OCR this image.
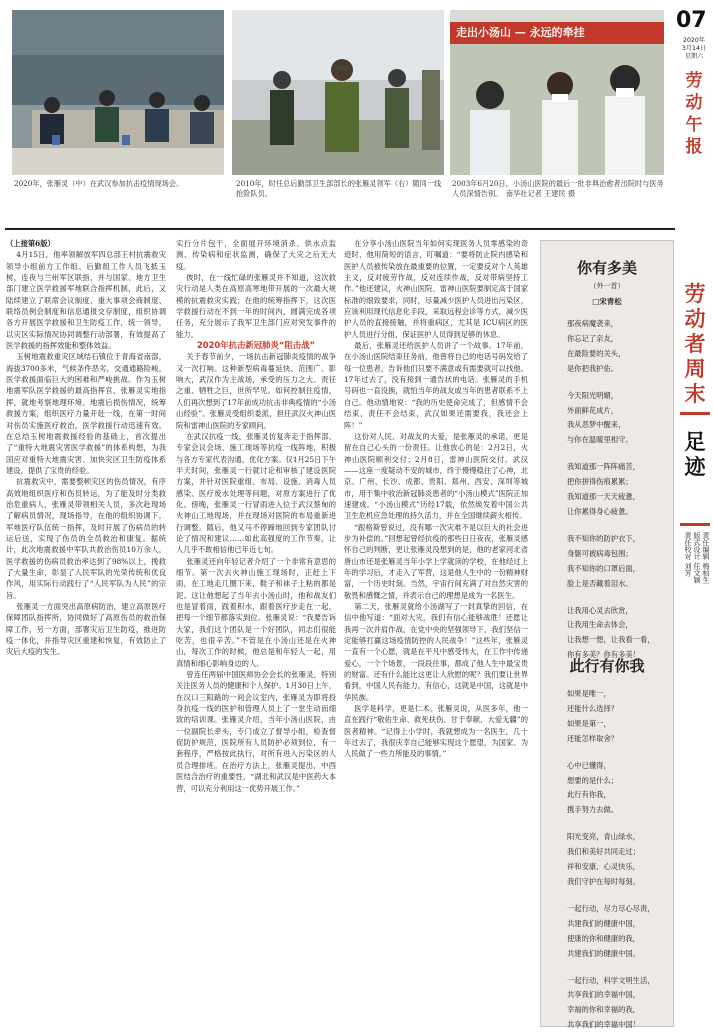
2020年，张雁灵（中）在武汉参加抗击疫情现场会。	2010年，时任总后勤部卫生部部长的张雁灵领军（右）随同一线抢险队员。
走出小汤山 — 永远的牵挂
2003年6月20日，小汤山医院的最后一批非典治愈者出院时与医务人员深情告别。　南华社记者 王建民 摄
07
2020年
3月14日
星期六
劳
动
午
报
劳
动
者
周
末
足
迹
责任编辑 梅柏生
版式设计 任文颖
责任校对 刘芳

（上接第6版）

4月15日，他率领解放军四总部王村抗震救灾领导小组前方工作组、后勤组工作人员飞抵玉树，连夜与兰州军区联指，并与国家、地方卫生部门建立医学救援军地联合指挥机制，此后，又陆续建立了联席会议制度、重大事项会商制度、联络员例会制度和信息通报交存制度，组织协调各方开展医学救援和卫生防疫工作，统一领导，以灾区实际情况协同调整行动部署，有效提高了医学救援的指挥效能和整体效益。

玉树地震救重灾区域结石镇位于青海省南部，海拔3700多米，气候条件恶劣，交通通路险峻，医学救援面临巨大的困难和严峻挑战。作为玉树地震军队医学救援的最高指挥官，张雁灵实地指挥，就地考察地理环境、地震后损伤情况，统筹救援方案，组织医疗力量开赴一线，在第一时间对伤员实施医疗救治，医学救援行动迅速有效。在总结玉树地震救援经验的基础上，首次提出了“重特大地震灾害医学救援”的体系构想，为我国应对重特大地震灾害、加快灾区卫生防疫体系建设，提供了宝贵的经验。

抗震救灾中，需要整顿灾区的伤员情况，有序高效地组织医疗和伤员转运，为了能及时分类救治危重病人，张雁灵带领相关人员，多次赴现场了解病员情况，现场指导，在他的组织协调下，军地医疗队伍统一指挥，及时开展了伤病员的转运后送，实现了伤员的全员救治和康复。据统计，此次地震救援中军队共救治伤员10万余人，医学救援的伤病员救治率达到了98%以上，挽救了大量生命，彰显了人民军队的光荣传统和优良作风，用实际行动践行了“人民军队为人民”的宗旨。

张雁灵一方面突出高原病防治，建立高原医疗保障团队指挥所，协同做好了高原伤员的救治保障工作，另一方面，部署灾后卫生防疫，推进防疫一体化，并指导灾区重建和恢复，有效防止了灾后大疫的发生。

实行分片包干，全面展开环境消杀、供水点监测、传染病和症状监测，确保了大灾之后无大疫。

彼时，在一线忙碌的张雁灵并不知道，这次救灾行动是人类在高原高寒地带开展的一次最大规模的抗震救灾实践；在他的统筹指挥下，这次医学救援行动在不到一年的时间内，圆满完成各项任务，充分展示了我军卫生部门应对突发事件的能力。

2020年抗击新冠肺炎“阻击战”

关于春节前夕，一场抗击新冠肺炎疫情的战争又一次打响。这种新型病毒蔓延快、范围广、影响大，武汉作为主战场，承受的压力之大、责任之重、牺牲之巨，世所罕见。如何控制住疫情，人们再次想到了17年前成功抗击非典疫情的“小汤山经验”。张雁灵受组织委派，担任武汉火神山医院和雷神山医院的专家顾问。

在武汉抗疫一线，张雁灵仿复奔走于指挥部、专家会议会场、施工现场等抗疫一线阵地，积极与各方专家代表沟通、优化方案。仅1月25日下午半天时间，张雁灵一行就讨论和审核了建设医院方案，并针对医院重组、布局、设施、消毒人员感染、医疗废水处理等问题，对原方案进行了优化。傍晚，张雁灵一行冒雨进入位于武汉蔡甸的火神山工地现场，并在现场对医院的布局重新进行调整。随后，他又马不停蹄地回到专家团队讨论了情况和建议……如此高强度的工作节奏，让人几乎不敢相信他已年近七旬。

张雁灵还向年轻记者介绍了一个非常有意思的细节。第一次去火神山施工现场时，正赶上下雨，在工地走几圈下来，鞋子和袜子上粘的都是泥。这让他想起了当年去小汤山时，他和战友们也是冒着雨，践着积水，跟着医疗步走在一起，把每一个细节都落实到位。张雁灵说：“我要告诉大家，我们这个团队是一个好团队，同志们很能吃苦，也很辛苦。”不管是在小汤山还是在火神山，每次工作的时候，他总是和年轻人一起，用真情和细心影响身边的人。

曾连任两届中国医师协会会长的张雁灵，特别关注医务人员的健康和个人保护。1月30日上午，在汉口三阳路的一间会议室内，张雁灵为即将投身抗疫一线的医护和管理人员上了一堂生动而细致的培训课。张雁灵介绍，当年小汤山医院，由一位副院长牵头，专门成立了督导小组，检查督促防护规范，医院所有人员防护必须到位，有一套程序，严格按此执行，对所有进入污染区的人员合理排班。在治疗方法上，张雁灵提出，中西医结合治疗的重要性，“湖北和武汉是中医药大本营，可以充分利用这一优势开展工作。”

在分享小汤山医院当年如何实现医务人员零感染的奇迹时，他用简短的语言，叮嘱道：“要将防止院内感染和医护人员被传染放在最重要的位置，一定要反对个人英雄主义，反对疲劳作战，反对连续作战，反对带病坚持工作。”他还建议，火神山医院、雷神山医院要制定高于国家标准的细致要求，同时，尽量减少医护人员进出污染区，应该利用现代信息化手段，采取远程会诊等方式，减少医护人员的直接接触，并将重病区，尤其是 ICU病区的医护人员进行分组，保证医护人员得到足够的休息。

最后，张雁灵还给医护人员讲了一个故事。17年前，在小汤山医院结束任务前，他曾将自己的电话号码发给了每一位患者，告诉他们只要不满意或有需要就可以找他。17年过去了，没有接到一通告状的电话。张雁灵的手机号码也一直没换，就怕当年的战友或当年的患者联系不上自己。他动情地说：“我的历史使命完成了，但感情不会结束，责任不会结束，武汉如果还需要我，我还会上阵！”

这份对人民、对战友的大爱，是张雁灵的承诺，更是留在自己心头的一份责任。让他放心的是：2月2日，火神山医院顺利交付；2月8日，雷神山医院交付。武汉——这座一度疑动不安的城市，终于慢慢稳住了心神，北京、广州、长沙、成都、贵阳、郑州、西安、深圳等城市，用于集中收治新冠肺炎患者的“小汤山模式”医院正加速建成。“小汤山模式”历经17载，依然焕发着中国公共卫生危机应急处理的持久活力，并在全国继续薪火相传。

“跟格斯曾说过，没有哪一次灾难不是以巨大的社会进步为补偿的。”回想起曾经抗疫的那些日日夜夜，张雁灵感怀自己的判断，更让张雁灵没想到的是，他的老家河北省唐山市还是张雁灵当年小学上学就读的学校，在他经过上年的学习后，才走入了军营，这是他人生中的一份精神财富，一个历史时刻。当然，宇宙行间充满了对自然灾害的敬畏和感慨之情，并表示自己的理想是成为一名医生。

第二天，张雁灵就给小汤湖写了一封真挚的回信，在信中他写道：“面对大灾，我们有信心能够战胜！还愿让我再一次并肩作战，在党中央的坚强领导下，我们坚信一定能够打赢这场疫情防控的人民战争！”这些年，张雁灵一直有一个心愿，就是在平凡中感受伟大，在工作中传递爱心，一个个场景，一段段往事，都成了他人生中最宝贵的财富。还有什么能比这更让人欣慰的呢？我们要让世界看到，中国人民有能力，有信心，这就是中国，这就是中华民族。

医学是科学，更是仁术。张雁灵说，从医多年，他一直在践行“敬佑生命、救死扶伤、甘于奉献、大爱无疆”的医者精神。“记得上小学时，我就想成为一名医生，几十年过去了，我很庆幸自己能够实现这个愿望，为国家、为人民做了一些力所能及的事情。”

你有多美
（外一首）
□宋青松
那夜病魔袭来，
你忘记了亲友，
在最险要的关头，
是你把我护佑。
今天阳光明媚，
外面鲜花成片，
我从恶梦中醒来，
与你在温暖里相守。
我知道那一阵阵痛苦，
把你拼得伤痕累累；
我知道那一天天疲惫，
让你累得身心疲惫。
我不知你的防护衣下，
身躯可被病毒包围；
我不知你的口罩后面，
脸上是否藏着泪水。
让我用心灵去欣赏，
让我用生命去体会，
让我想一想，让我看一看，
你有多美？你有多美！
此行有你我
如果是唯一，
还能什么选择？
如果是第一，
还能怎样取舍？
心中已懂得，
想要的是什么；
此行有你我，
携手努力去做。
阳光变亮，青山绿水，
我们和美好共同走过；
祥和安康、心灵快乐，
我们守护在每时每刻。
一起行动，尽力尽心尽责，
共建我们的健康中国，
使康的你和健康的我，
共建我们的健康中国。
一起行动，科学文明生活，
共享我们的幸福中国，
幸福的你和幸福的我，
共享我们的幸福中国！
